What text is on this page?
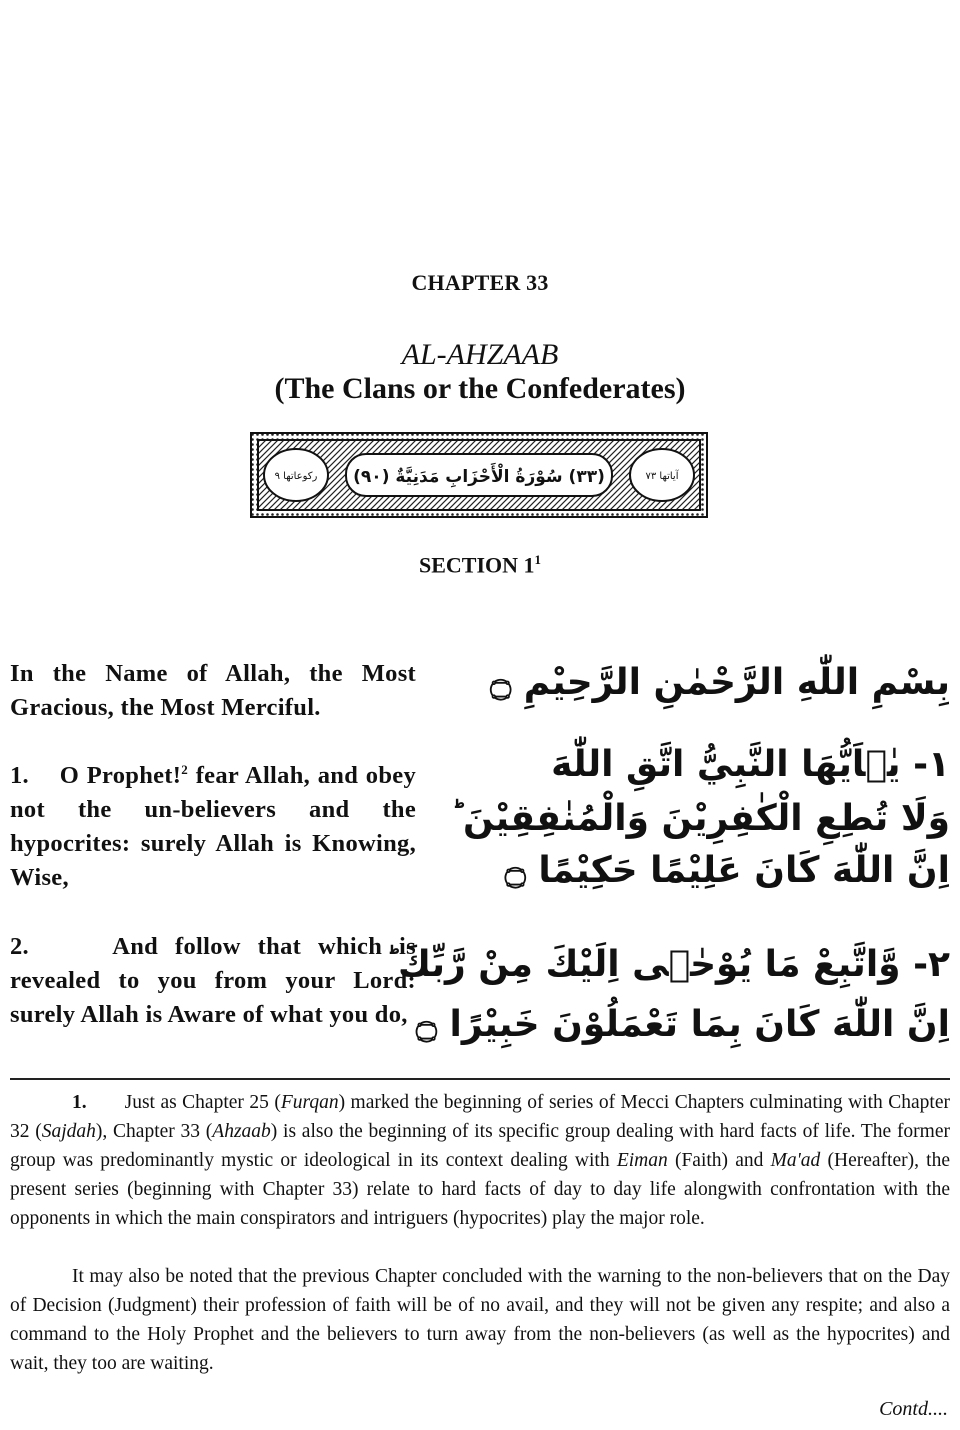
CHAPTER 33
AL-AHZAAB
(The Clans or the Confederates)
(٣٣) سُوْرَةُ الْأَحْزَابِ مَدَنِيَّةٌ (٩٠)
رکوعاتها ٩	آیاتها ٧٣
SECTION $1^1$
In the Name of Allah, the Most Gracious, the Most Merciful.
1. O Prophet!$^2$ fear Allah, and obey not the un-believers and the hypocrites: surely Allah is Knowing, Wise,
2.	And follow that which is revealed to you from your Lord: surely Allah is Aware of what you do,
بِسْمِ اللّٰهِ الرَّحْمٰنِ الرَّحِيْمِ ۝
١- يٰۤاَيُّهَا النَّبِيُّ اتَّقِ اللّٰهَ
وَلَا تُطِعِ الْكٰفِرِيْنَ وَالْمُنٰفِقِيْنَ ؕ
اِنَّ اللّٰهَ كَانَ عَلِيْمًا حَكِيْمًا ۝
٢- وَّاتَّبِعْ مَا يُوْحٰۤى اِلَيْكَ مِنْ رَّبِّكَ ؕ
اِنَّ اللّٰهَ كَانَ بِمَا تَعْمَلُوْنَ خَبِيْرًا ۝
1. Just as Chapter 25 (Furqan) marked the beginning of series of Mecci Chapters culminating with Chapter 32 (Sajdah), Chapter 33 (Ahzaab) is also the beginning of its specific group dealing with hard facts of life. The former group was predominantly mystic or ideological in its context dealing with Eiman (Faith) and Ma'ad (Hereafter), the present series (beginning with Chapter 33) relate to hard facts of day to day life alongwith confrontation with the opponents in which the main conspirators and intriguers (hypocrites) play the major role.
It may also be noted that the previous Chapter concluded with the warning to the non-believers that on the Day of Decision (Judgment) their profession of faith will be of no avail, and they will not be given any respite; and also a command to the Holy Prophet and the believers to turn away from the non-believers (as well as the hypocrites) and wait, they too are waiting.
Contd....
